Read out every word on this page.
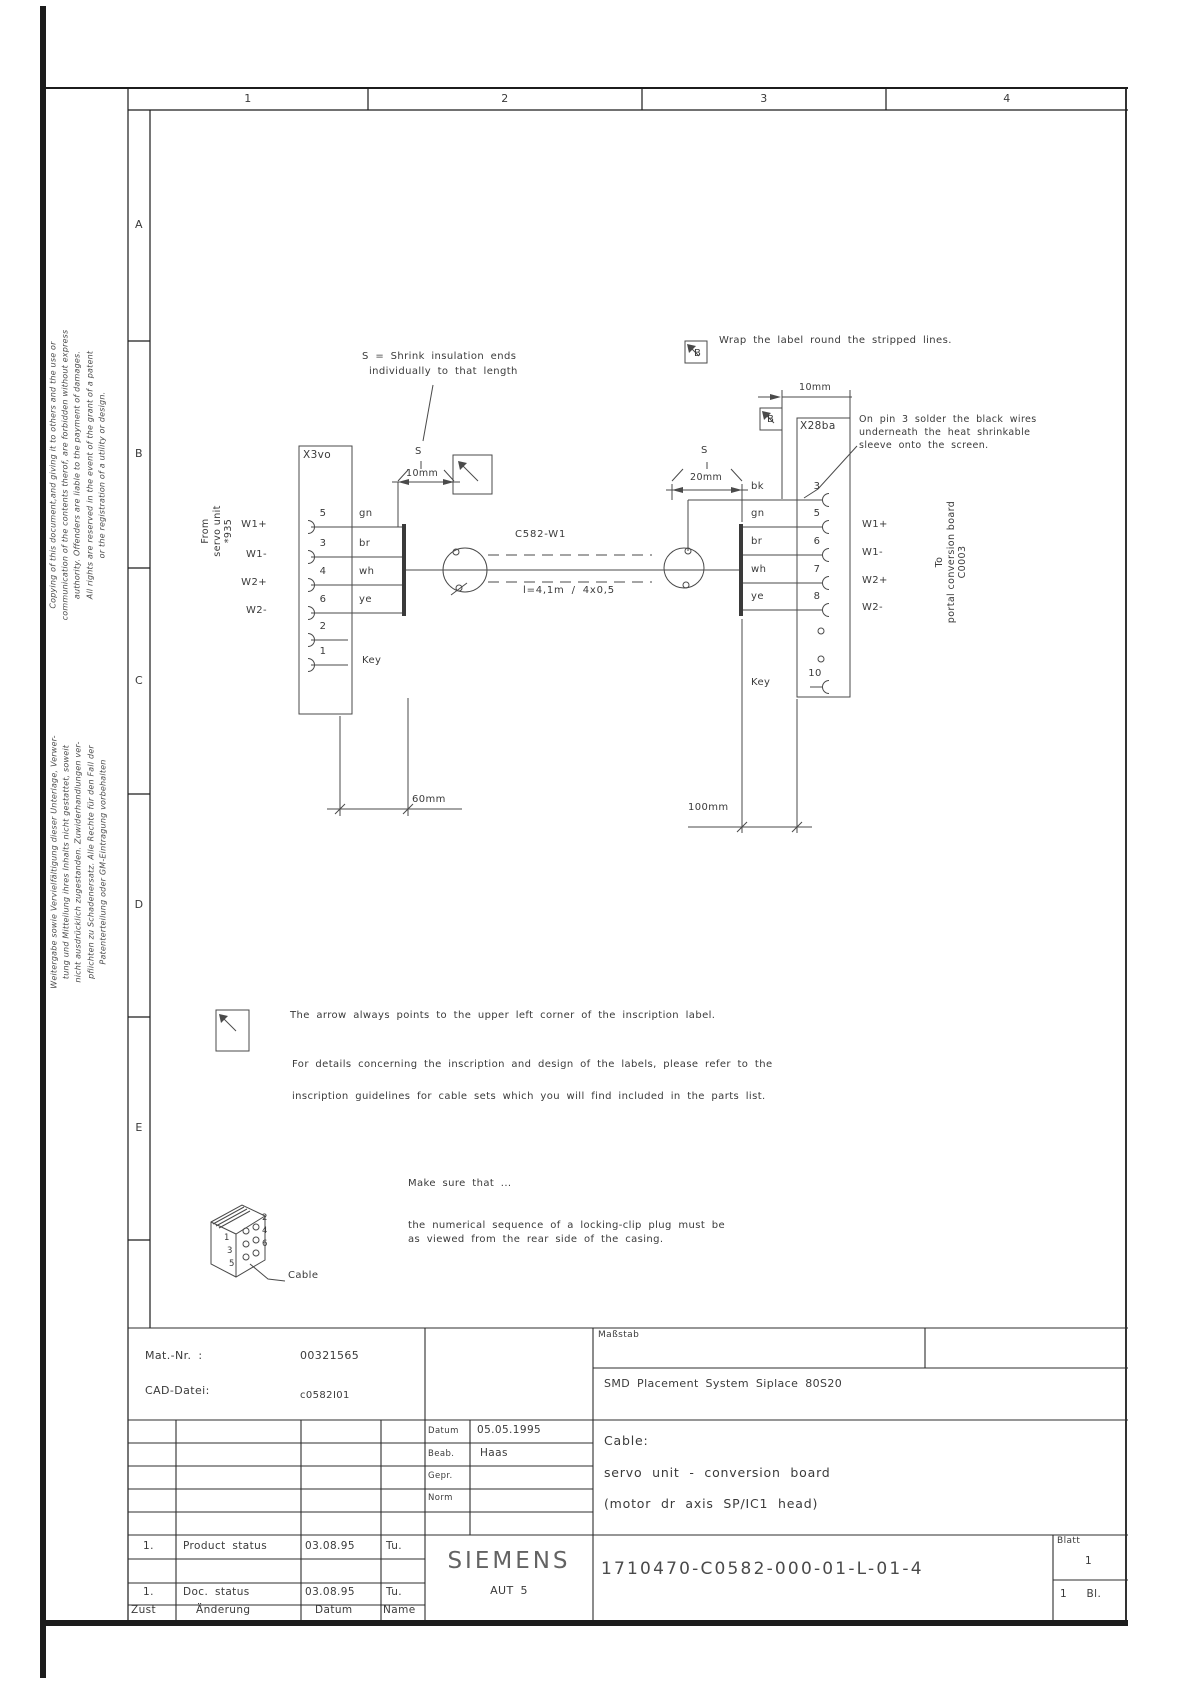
1	2	3	4
A
B
C
D
E
Copying of this document,and giving it to others and the use or communication of the contents therof, are forbidden without express authority. Offenders are liable to the payment of damages. All rights are reserved in the event of the grant of a patent or the registration of a utility or design.
Weitergabe sowie Vervielfältigung dieser Unterlage, Verwer- tung und Mitteilung ihres Inhalts nicht gestattet, soweit nicht ausdrücklich zugestanden. Zuwiderhandlungen ver- pflichten zu Schadenersatz. Alle Rechte für den Fall der Patenterteilung oder GM-Eintragung vorbehalten
S = Shrink insulation ends
individually to that length
Wrap the label round the stripped lines.
B
On pin 3 solder the black wires
underneath the heat shrinkable
sleeve onto the screen.
From servo unit *935
X3vo
W1+
W1-
W2+
W2-
5
3
4
6
2
1
gn
br
wh
ye
Key
S
10mm
60mm
C582-W1
l=4,1m / 4x0,5
X28ba
B
S
20mm
10mm
100mm
bk
gn
br
wh
ye
3
5
6
7
8
10
W1+
W1-
W2+
W2-
Key
To portal conversion board C0003
The arrow always points to the upper left corner of the inscription label.
For details concerning the inscription and design of the labels, please refer to the
inscription guidelines for cable sets which you will find included in the parts list.
Make sure that ...
the numerical sequence of a locking-clip plug must be
as viewed from the rear side of the casing.
1
3
5
2
4
6
Cable
Mat.-Nr. :	00321565
CAD-Datei:	c0582I01
Maßstab
SMD Placement System Siplace 80S20
Cable:
servo unit - conversion board
(motor dr axis SP/IC1 head)
Datum 05.05.1995
Beab. Haas
Gepr.
Norm
1.	Product status	03.08.95	Tu.
1.	Doc. status	03.08.95	Tu.
Zust	Änderung	Datum	Name
SIEMENS
AUT 5
1710470-C0582-000-01-L-01-4
Blatt
1
1  Bl.
